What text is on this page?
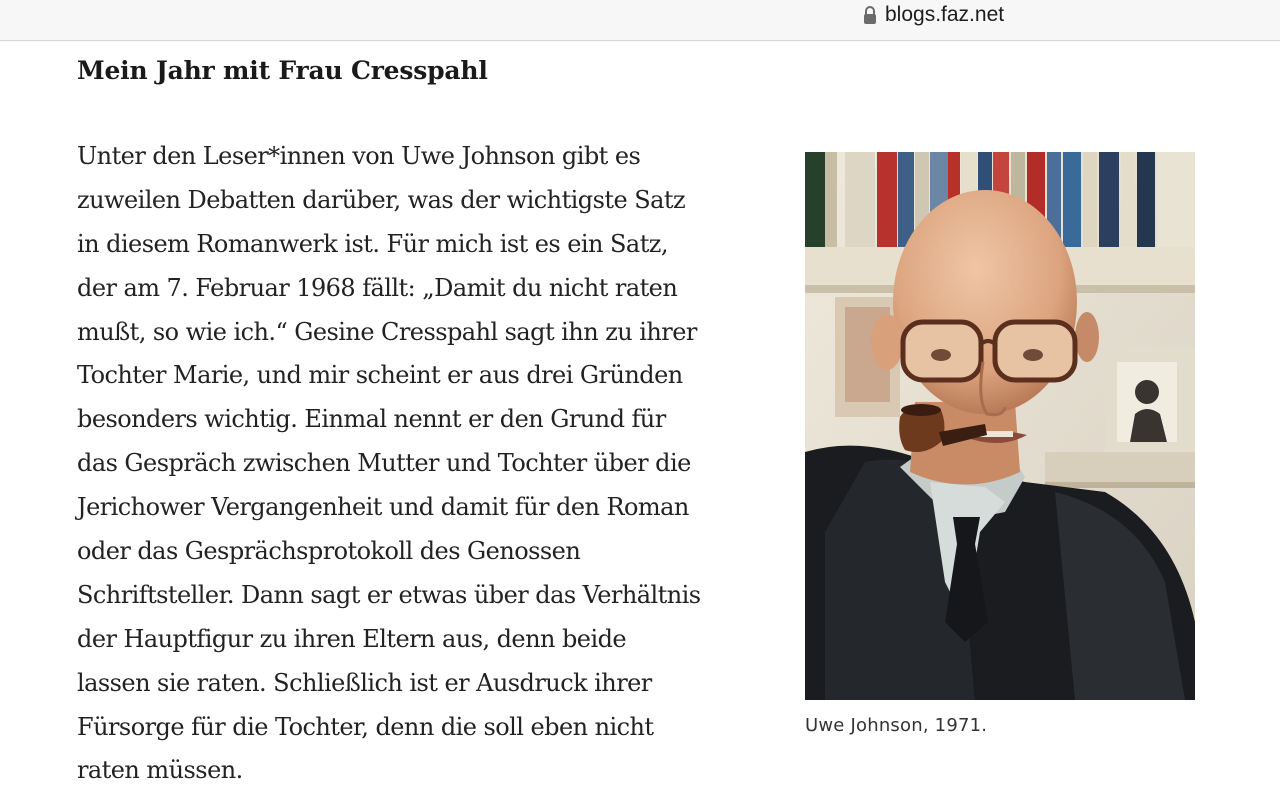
blogs.faz.net
Mein Jahr mit Frau Cresspahl
Unter den Leser*innen von Uwe Johnson gibt es
zuweilen Debatten darüber, was der wichtigste Satz
in diesem Romanwerk ist. Für mich ist es ein Satz,
der am 7. Februar 1968 fällt: „Damit du nicht raten
mußt, so wie ich.“ Gesine Cresspahl sagt ihn zu ihrer
Tochter Marie, und mir scheint er aus drei Gründen
besonders wichtig. Einmal nennt er den Grund für
das Gespräch zwischen Mutter und Tochter über die
Jerichower Vergangenheit und damit für den Roman
oder das Gesprächsprotokoll des Genossen
Schriftsteller. Dann sagt er etwas über das Verhältnis
der Hauptfigur zu ihren Eltern aus, denn beide
lassen sie raten. Schließlich ist er Ausdruck ihrer
Fürsorge für die Tochter, denn die soll eben nicht
raten müssen.
Uwe Johnson, 1971.
